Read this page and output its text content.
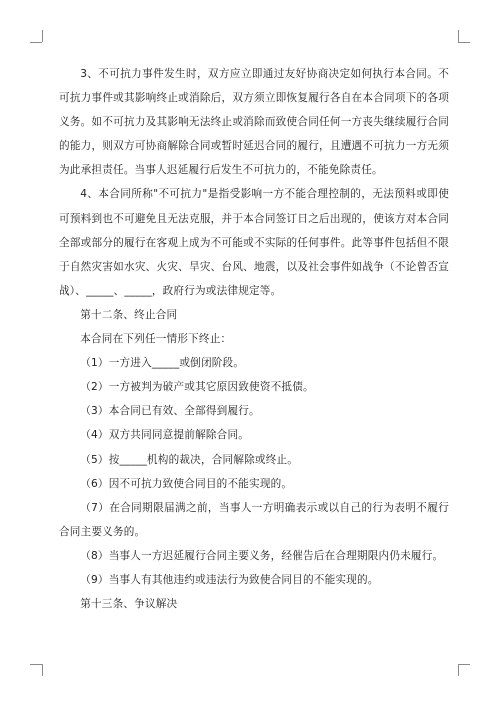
3、不可抗力事件发生时，双方应立即通过友好协商决定如何执行本合同。不可抗力事件或其影响终止或消除后，双方须立即恢复履行各自在本合同项下的各项义务。如不可抗力及其影响无法终止或消除而致使合同任何一方丧失继续履行合同的能力，则双方可协商解除合同或暂时延迟合同的履行，且遭遇不可抗力一方无须为此承担责任。当事人迟延履行后发生不可抗力的，不能免除责任。

4、本合同所称"不可抗力"是指受影响一方不能合理控制的，无法预料或即使可预料到也不可避免且无法克服，并于本合同签订日之后出现的，使该方对本合同全部或部分的履行在客观上成为不可能或不实际的任何事件。此等事件包括但不限于自然灾害如水灾、火灾、旱灾、台风、地震，以及社会事件如战争（不论曾否宣战）、_____、_____，政府行为或法律规定等。

第十二条、终止合同

本合同在下列任一情形下终止：

（1）一方进入_____或倒闭阶段。

（2）一方被判为破产或其它原因致使资不抵债。

（3）本合同已有效、全部得到履行。

（4）双方共同同意提前解除合同。

（5）按_____机构的裁决，合同解除或终止。

（6）因不可抗力致使合同目的不能实现的。

（7）在合同期限届满之前，当事人一方明确表示或以自己的行为表明不履行合同主要义务的。

（8）当事人一方迟延履行合同主要义务，经催告后在合理期限内仍未履行。

（9）当事人有其他违约或违法行为致使合同目的不能实现的。

第十三条、争议解决
